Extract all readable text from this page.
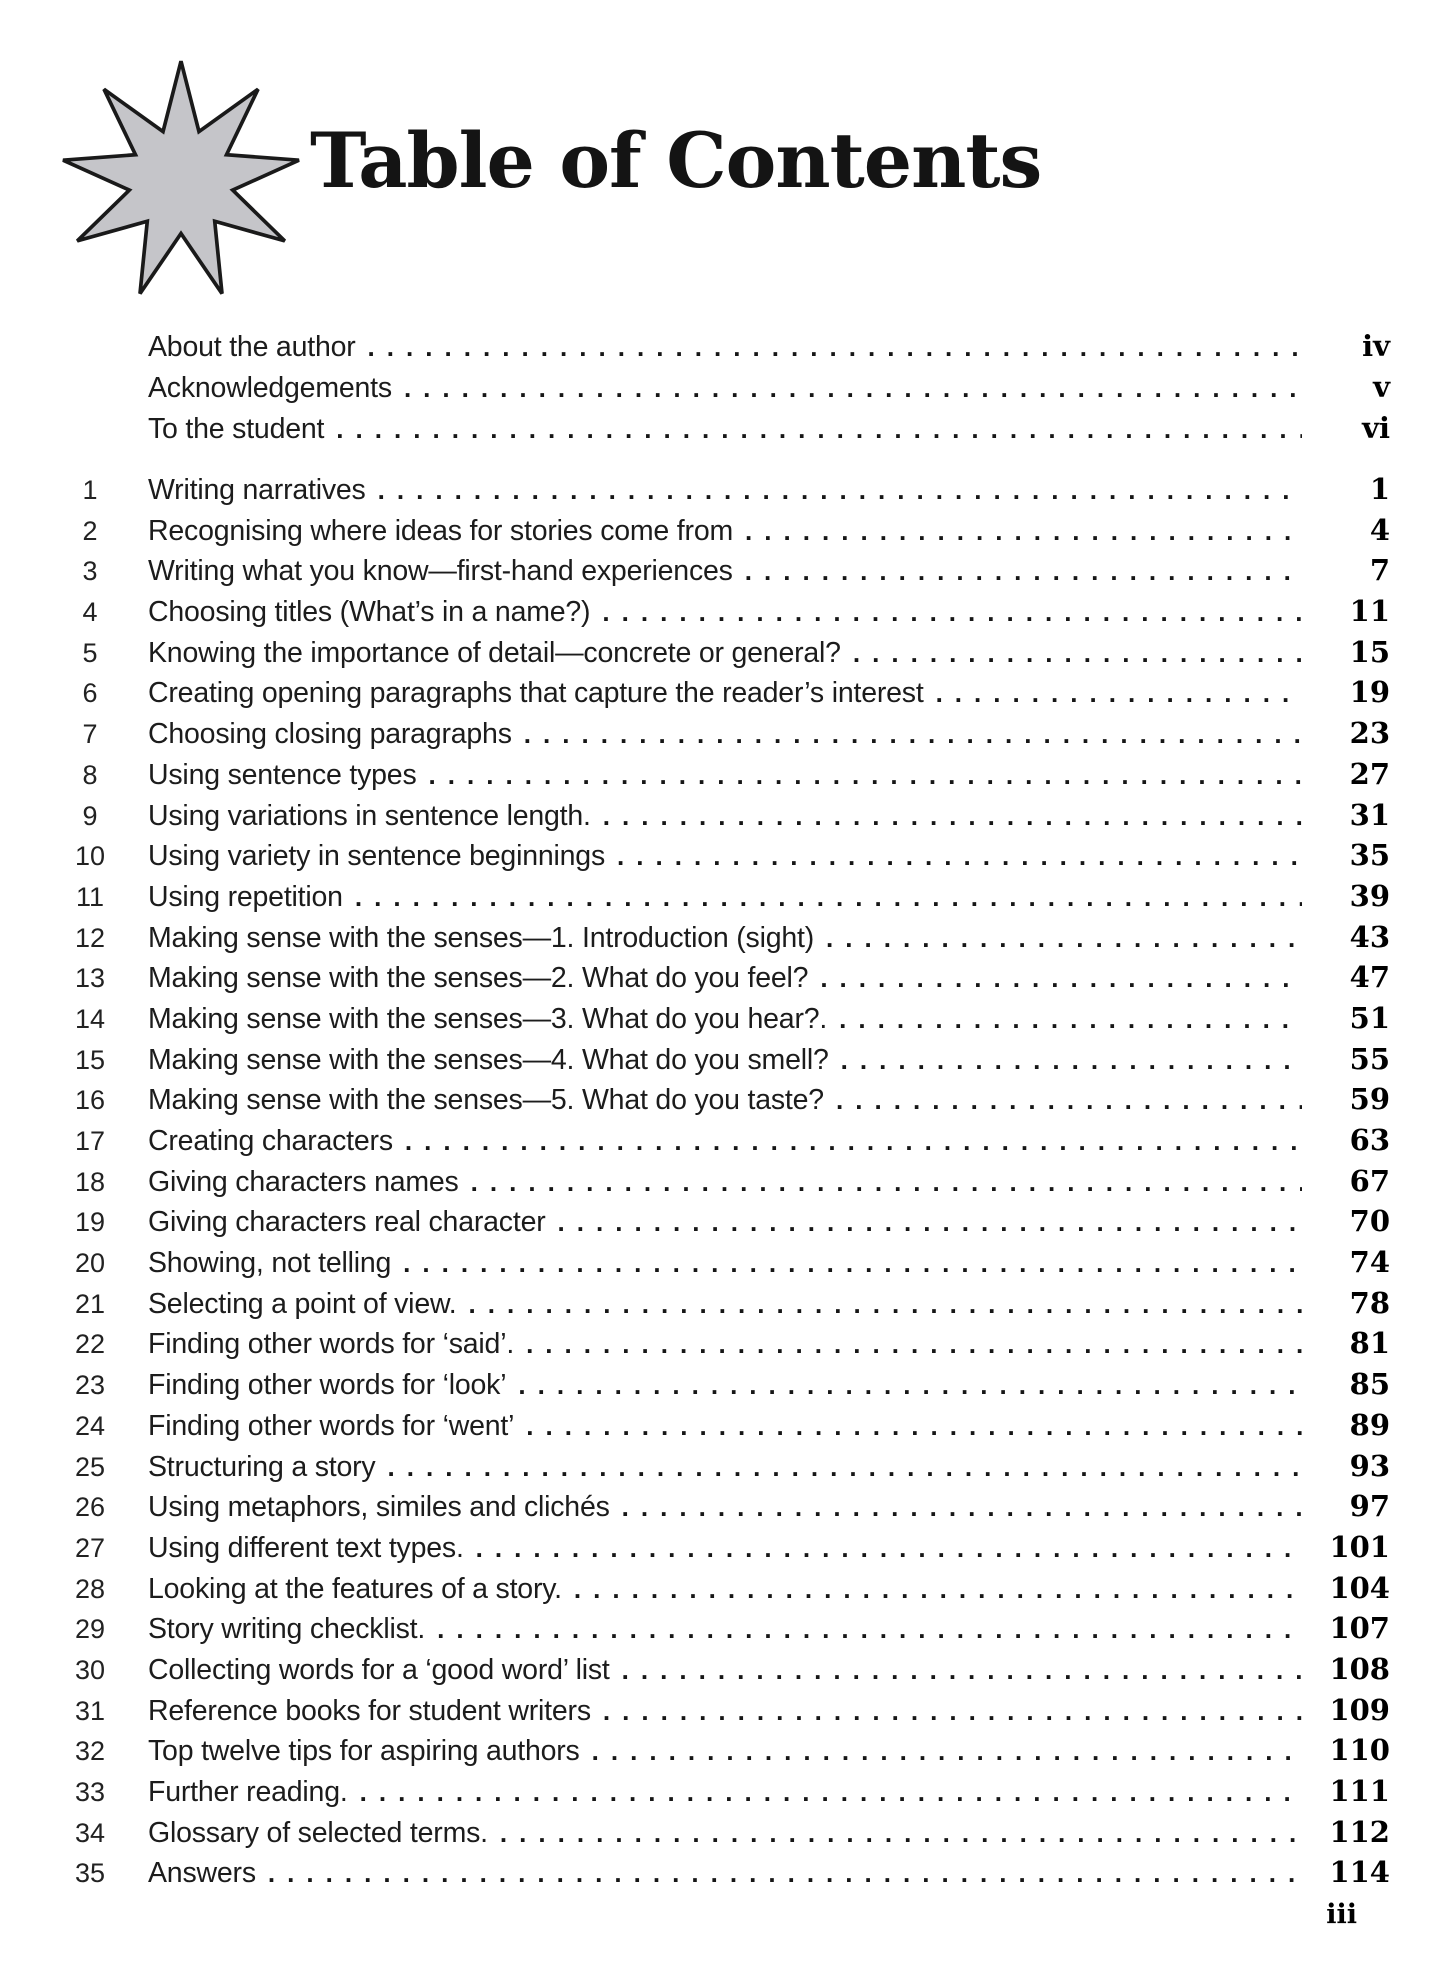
Table of Contents
About the author . . .	iv
Acknowledgements . . .	v
To the student . . .	vi
1	Writing narratives . . .	1
2	Recognising where ideas for stories come from . . .	4
3	Writing what you know—first-hand experiences . . .	7
4	Choosing titles (What’s in a name?) . . .	11
5	Knowing the importance of detail—concrete or general? . . .	15
6	Creating opening paragraphs that capture the reader’s interest . . .	19
7	Choosing closing paragraphs . . .	23
8	Using sentence types . . .	27
9	Using variations in sentence length. . . .	31
10 Using variety in sentence beginnings . . .	35
11 Using repetition . . .	39
12 Making sense with the senses—1. Introduction (sight) . . .	43
13 Making sense with the senses—2. What do you feel? . . .	47
14 Making sense with the senses—3. What do you hear?. . . .	51
15 Making sense with the senses—4. What do you smell? . . .	55
16 Making sense with the senses—5. What do you taste? . . .	59
17 Creating characters . . .	63
18 Giving characters names . . .	67
19 Giving characters real character . . .	70
20 Showing, not telling . . .	74
21 Selecting a point of view. . . .	78
22 Finding other words for ‘said’. . . .	81
23 Finding other words for ‘look’ . . .	85
24 Finding other words for ‘went’ . . .	89
25 Structuring a story . . .	93
26 Using metaphors, similes and clichés . . .	97
27 Using different text types. . . .	101
28 Looking at the features of a story. . . .	104
29 Story writing checklist. . . .	107
30 Collecting words for a ‘good word’ list . . .	108
31 Reference books for student writers . . .	109
32 Top twelve tips for aspiring authors . . .	110
33 Further reading. . . .	111
34 Glossary of selected terms. . . .	112
35 Answers . . .	114
iii
